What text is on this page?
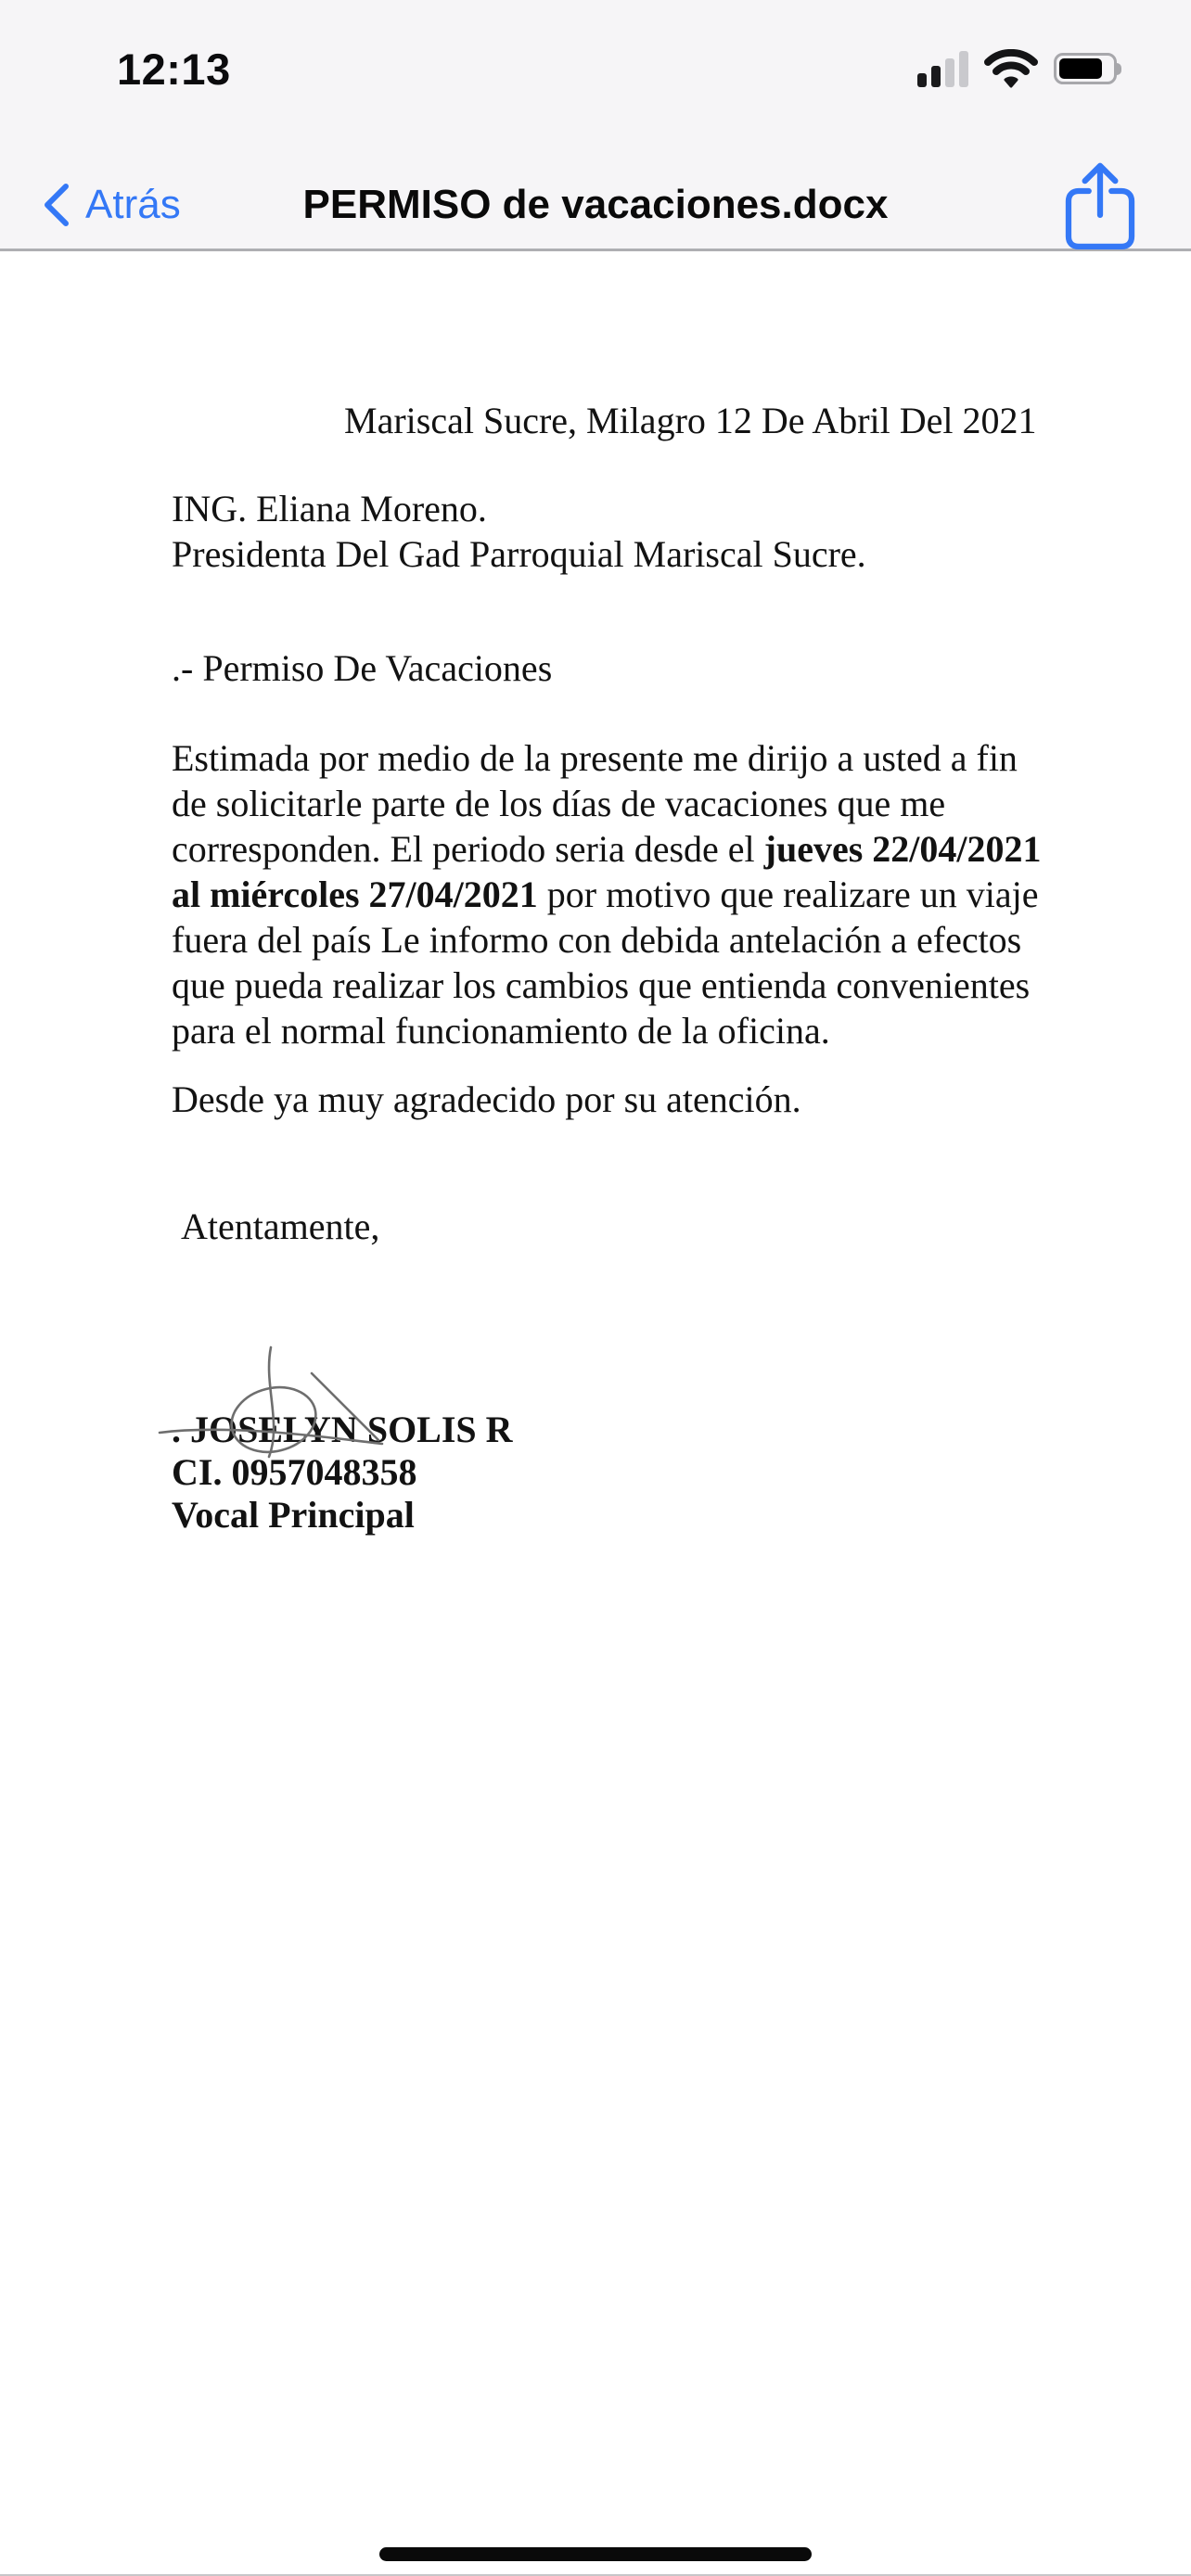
12:13
PERMISO de vacaciones.docx
Atrás
Mariscal Sucre, Milagro 12 De Abril Del 2021
ING. Eliana Moreno.
Presidenta Del Gad Parroquial Mariscal Sucre.
.- Permiso De Vacaciones
Estimada por medio de la presente me dirijo a usted a fin de solicitarle parte de los días de vacaciones que me corresponden. El periodo seria desde el jueves 22/04/2021 al miércoles 27/04/2021 por motivo que realizare un viaje fuera del país Le informo con debida antelación a efectos que pueda realizar los cambios que entienda convenientes para el normal funcionamiento de la oficina.
Desde ya muy agradecido por su atención.
Atentamente,
. JOSELYN SOLIS R
CI. 0957048358
Vocal Principal
